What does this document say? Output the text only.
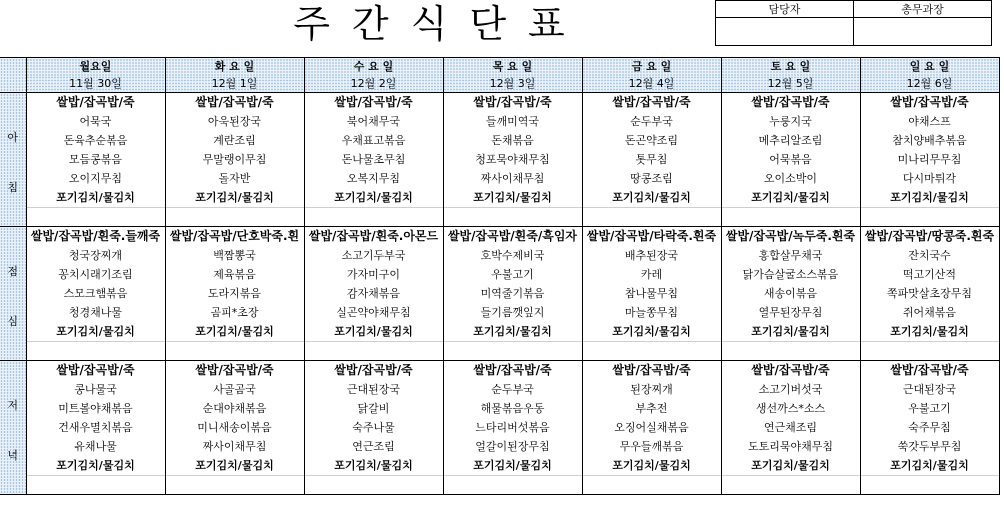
주간식단표	담당자	총무과장

	월요일	화 요 일	수 요 일	목 요 일	금 요 일	토 요 일	일 요 일
	11월 30일	12월 1일	12월 2일	12월 3일	12월 4일	12월 5일	12월 6일

아
침	쌀밥/잡곡밥/죽	쌀밥/잡곡밥/죽	쌀밥/잡곡밥/죽	쌀밥/잡곡밥/죽	쌀밥/잡곡밥/죽	쌀밥/잡곡밥/죽	쌀밥/잡곡밥/죽
	어묵국	아욱된장국	북어채무국	들깨미역국	순두부국	누룽지국	야채스프
	돈육추순볶음	계란조림	우채표고볶음	돈채볶음	돈곤약조림	메추리알조림	참치양배추볶음
	모듬콩볶음	무말랭이무침	돈나물초무침	청포묵야채무침	톳무침	어묵볶음	미나리무무침
	오이지무침	돌자반	오복지무침	짜사이채무침	땅콩조림	오이소박이	다시마튀각
	포기김치/물김치	포기김치/물김치	포기김치/물김치	포기김치/물김치	포기김치/물김치	포기김치/물김치	포기김치/물김치

점
심	쌀밥/잡곡밥/흰죽.들깨죽	쌀밥/잡곡밥/단호박죽.흰	쌀밥/잡곡밥/흰죽.아몬드	쌀밥/잡곡밥/흰죽/흑임자	쌀밥/잡곡밥/타락죽.흰죽	쌀밥/잡곡밥/녹두죽.흰죽	쌀밥/잡곡밥/땅콩죽.흰죽
	청국장찌개	백짬뽕국	소고기두부국	호박수제비국	배추된장국	홍합살무채국	잔치국수
	꽁치시래기조림	제육볶음	가자미구이	우불고기	카레	닭가슴살굴소스볶음	떡고기산적
	스모크햄볶음	도라지볶음	감자채볶음	미역줄기볶음	참나물무침	새송이볶음	쪽파맛살초장무침
	청경채나물	곰피*초장	실곤약야채무침	들기름깻잎지	마늘쫑무침	열무된장무침	쥐어채볶음
	포기김치/물김치	포기김치/물김치	포기김치/물김치	포기김치/물김치	포기김치/물김치	포기김치/물김치	포기김치/물김치

저
녁	쌀밥/잡곡밥/죽	쌀밥/잡곡밥/죽	쌀밥/잡곡밥/죽	쌀밥/잡곡밥/죽	쌀밥/잡곡밥/죽	쌀밥/잡곡밥/죽	쌀밥/잡곡밥/죽
	콩나물국	사골곰국	근대된장국	순두부국	된장찌개	소고기버섯국	근대된장국
	미트볼야채볶음	순대야채볶음	닭갈비	해물볶음우동	부추전	생선까스*소스	우불고기
	건새우멸치볶음	미니새송이볶음	숙주나물	느타리버섯볶음	오징어실채볶음	연근채조림	숙주무침
	유채나물	짜사이채무침	연근조림	얼갈이된장무침	무우들깨볶음	도토리묵야채무침	쑥갓두부무침
	포기김치/물김치	포기김치/물김치	포기김치/물김치	포기김치/물김치	포기김치/물김치	포기김치/물김치	포기김치/물김치
